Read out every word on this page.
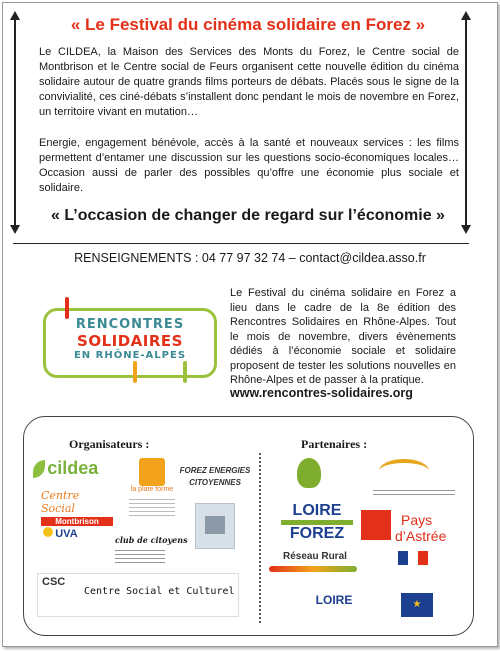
« Le Festival du cinéma solidaire en Forez »
Le CILDEA, la Maison des Services des Monts du Forez, le Centre social de Montbrison et le Centre social de Feurs organisent cette nouvelle édition du cinéma solidaire autour de quatre grands films porteurs de débats. Placés sous le signe de la convivialité, ces ciné-débats s’installent donc pendant le mois de novembre en Forez, un territoire vivant en mutation…
Energie, engagement bénévole, accès à la santé et nouveaux services : les films permettent d’entamer une discussion sur les questions socio-économiques locales… Occasion aussi de parler des possibles qu’offre une économie plus sociale et solidaire.
« L’occasion de changer de regard sur l’économie »
RENSEIGNEMENTS : 04 77 97 32 74 – contact@cildea.asso.fr
RENCONTRES
SOLIDAIRES
EN RHÔNE-ALPES
Le Festival du cinéma solidaire en Forez a lieu dans le cadre de la 8e édition des Rencontres Solidaires en Rhône-Alpes. Tout le mois de novembre, divers évènements dédiés à l’économie sociale et solidaire proposent de tester les solutions nouvelles en Rhône-Alpes et de passer à la pratique.
www.rencontres-solidaires.org
Organisateurs :	Partenaires :
cildea
Centre Social
Montbrison
UVA
la plate forme
FOREZ ENERGIES CITOYENNES
club de citoyens
CSC
Centre Social et Culturel
LOIRE
FOREZ
Pays
d’Astrée
Réseau Rural
LOIRE	★
